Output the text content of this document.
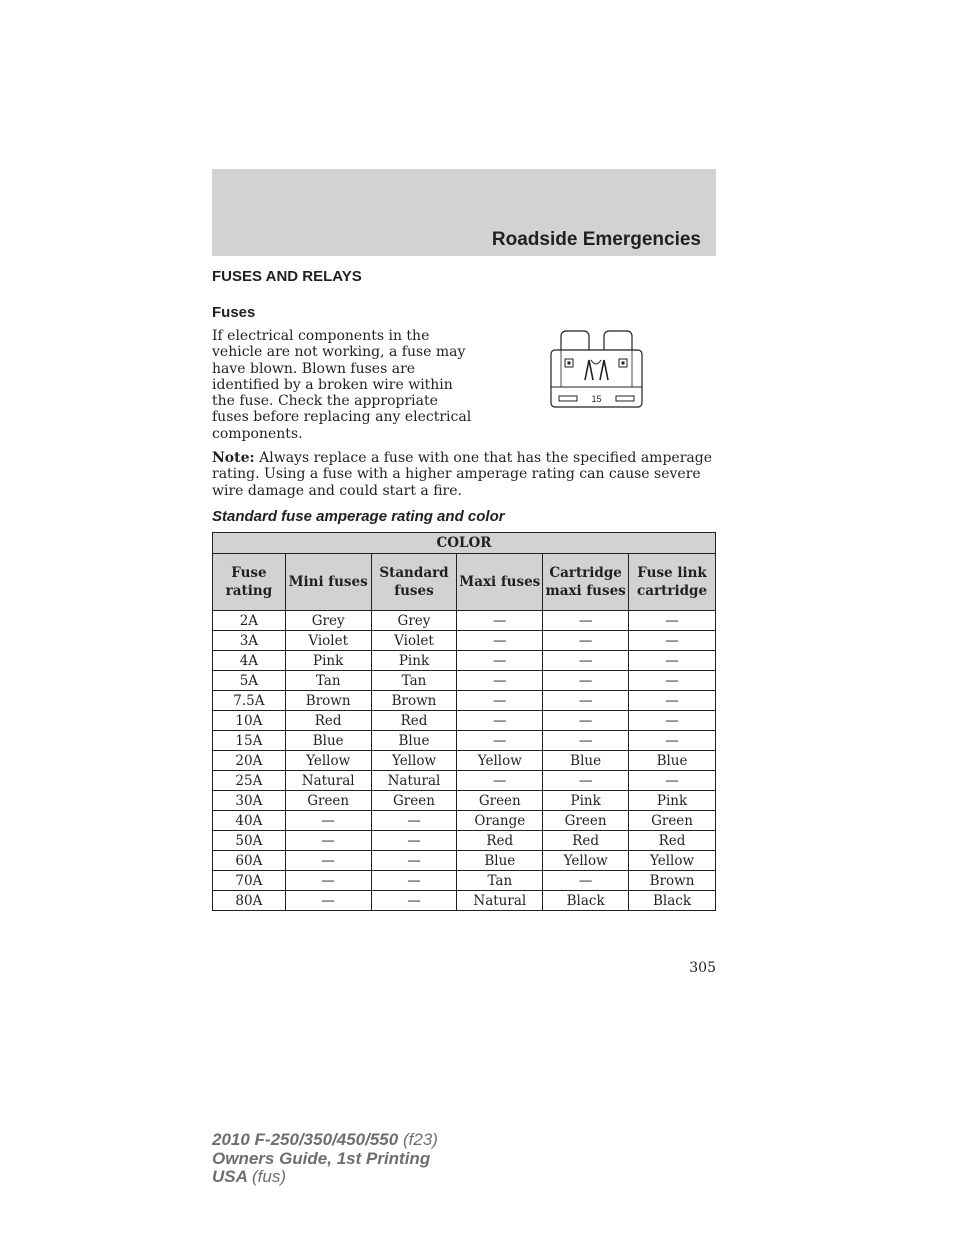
Roadside Emergencies
FUSES AND RELAYS
Fuses

If electrical components in the vehicle are not working, a fuse may have blown. Blown fuses are identified by a broken wire within the fuse. Check the appropriate fuses before replacing any electrical components.

15

Note: Always replace a fuse with one that has the specified amperage rating. Using a fuse with a higher amperage rating can cause severe wire damage and could start a fire.

Standard fuse amperage rating and color
COLOR					
Fuse rating	Mini fuses	Standard fuses	Maxi fuses	Cartridge maxi fuses	Fuse link cartridge
2A	Grey	Grey	—	—	—
3A	Violet	Violet	—	—	—
4A	Pink	Pink	—	—	—
5A	Tan	Tan	—	—	—
7.5A	Brown	Brown	—	—	—
10A	Red	Red	—	—	—
15A	Blue	Blue	—	—	—
20A	Yellow	Yellow	Yellow	Blue	Blue
25A	Natural	Natural	—	—	—
30A	Green	Green	Green	Pink	Pink
40A	—	—	Orange	Green	Green
50A	—	—	Red	Red	Red
60A	—	—	Blue	Yellow	Yellow
70A	—	—	Tan	—	Brown
80A	—	—	Natural	Black	Black
305
2010 F-250/350/450/550 (f23)
Owners Guide, 1st Printing
USA (fus)
